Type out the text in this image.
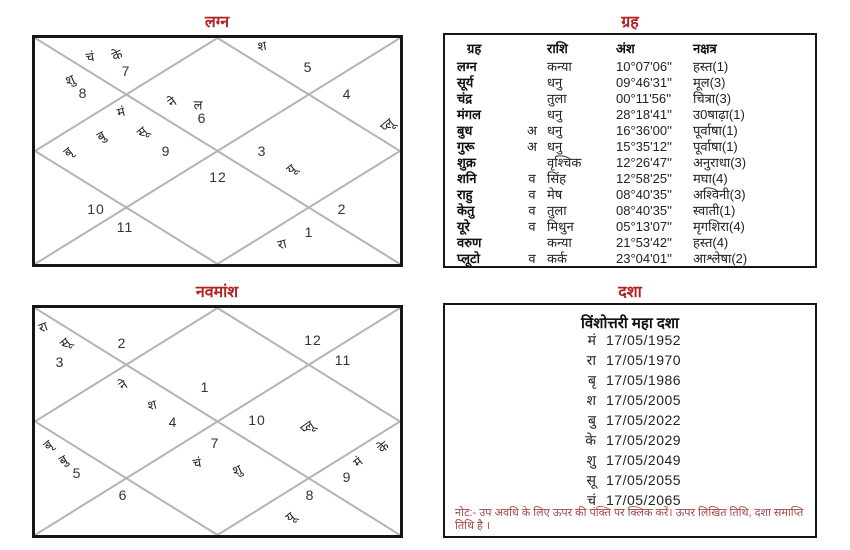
लग्न	ग्रह
नवमांश	दशा
चं के
7
शु
8
श
5
4
प्लू
ने ल
6
मं
बु सू
बृ	9	3
यू
12
10
11
2
1
रा
ग्रह	राशि	अंश	नक्षत्र
लग्न	कन्या	10°07'06'' हस्त(1)
सूर्य	धनु	09°46'31'' मूल(3)
चंद्र	तुला	00°11'56'' चित्रा(3)
मंगल	धनु	28°18'41'' उ0षाढ़ा(1)
बुध	अ धनु	16°36'00'' पूर्वाषा(1)
गुरू	अ धनु	15°35'12'' पूर्वाषा(1)
शुक्र	वृश्चिक	12°26'47'' अनुराधा(3)
शनि	व सिंह	12°58'25'' मघा(4)
राहु	व मेष	08°40'35'' अश्विनी(3)
केतु	व तुला	08°40'35'' स्वाती(1)
यूरे	व मिथुन	05°13'07'' मृगशिरा(4)
वरुण	कन्या	21°53'42'' हस्त(4)
प्लूटो	व कर्क	23°04'01'' आश्लेषा(2)
रा
सू
3
2	12
11
ने	1
श
4	10 प्लू
7
चं शु
बृ
बु
5
6	8
यू
मं
के
9
विंशोत्तरी महा दशा
मं 17/05/1952
रा 17/05/1970
बृ 17/05/1986
श 17/05/2005
बु 17/05/2022
के 17/05/2029
शु 17/05/2049
सू 17/05/2055
चं 17/05/2065
नोट:- उप अवधि के लिए ऊपर की पंक्ति पर क्लिक करें। ऊपर लिखित तिथि, दशा समाप्ति तिथि है ।
